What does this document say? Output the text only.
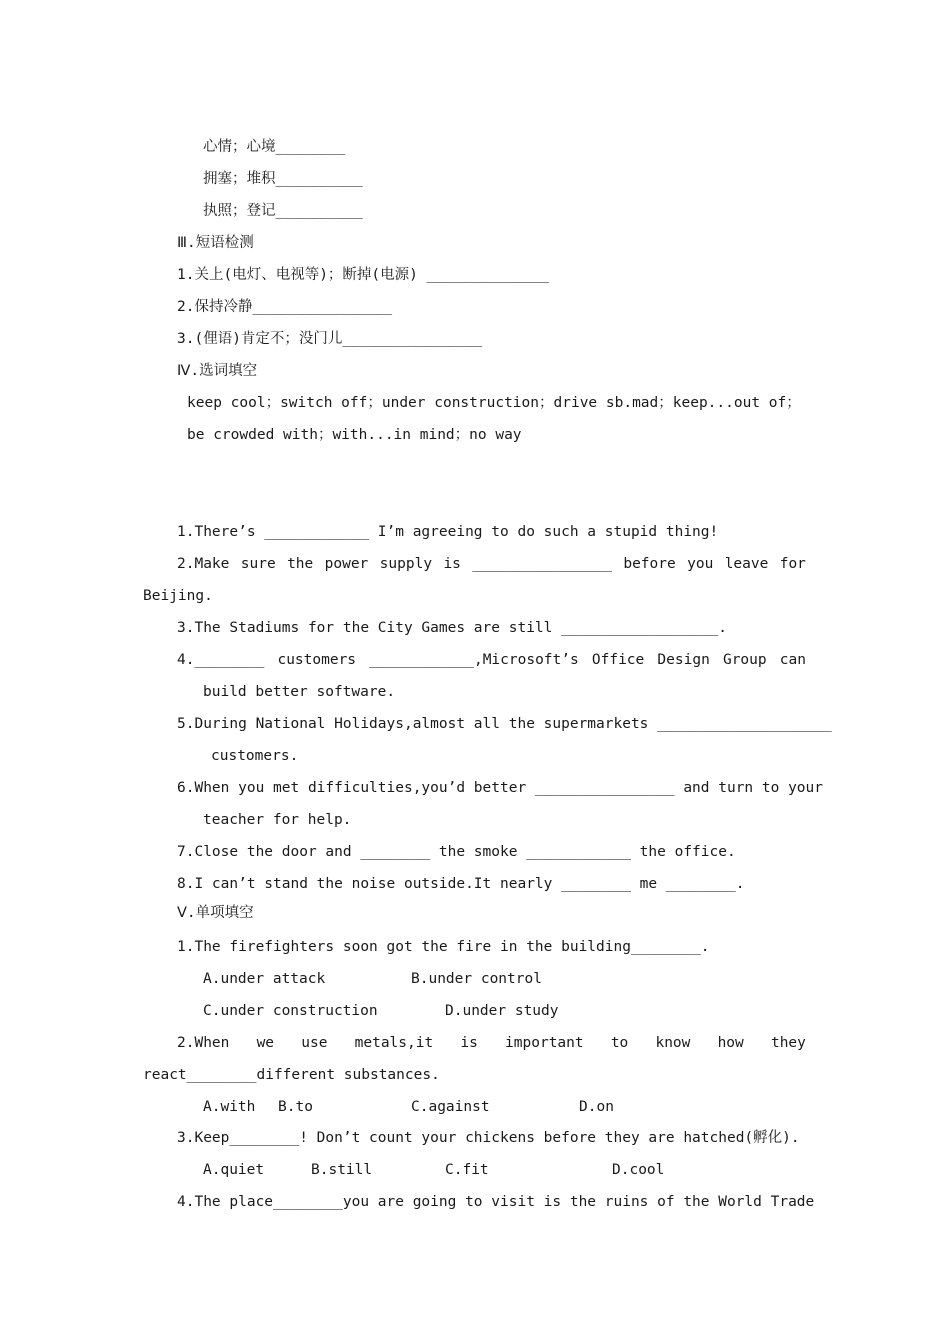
心情；心境________
拥塞；堆积__________
执照；登记__________
Ⅲ.短语检测
1.关上(电灯、电视等)；断掉(电源) ______________
2.保持冷静________________
3.(俚语)肯定不；没门儿________________
Ⅳ.选词填空
keep cool；switch off；under construction；drive sb.mad；keep...out of；
be crowded with；with...in mind；no way
1.There’s ____________ I’m agreeing to do such a stupid thing!
2.Make sure the power supply is ________________ before you leave for
Beijing.
3.The Stadiums for the City Games are still __________________.
4.________ customers ____________,Microsoft’s Office Design Group can
build better software.
5.During National Holidays,almost all the supermarkets ____________________
customers.
6.When you met difficulties,you’d better ________________ and turn to your
teacher for help.
7.Close the door and ________ the smoke ____________ the office.
8.I can’t stand the noise outside.It nearly ________ me ________.
Ⅴ.单项填空
1.The firefighters soon got the fire in the building________.
A.under attack	B.under control
C.under construction	D.under study
2.When we use metals,it is important to know how they
react________different substances.
A.with B.to	C.against	D.on
3.Keep________! Don’t count your chickens before they are hatched(孵化).
A.quiet	B.still	C.fit	D.cool
4.The place________you are going to visit is the ruins of the World Trade
